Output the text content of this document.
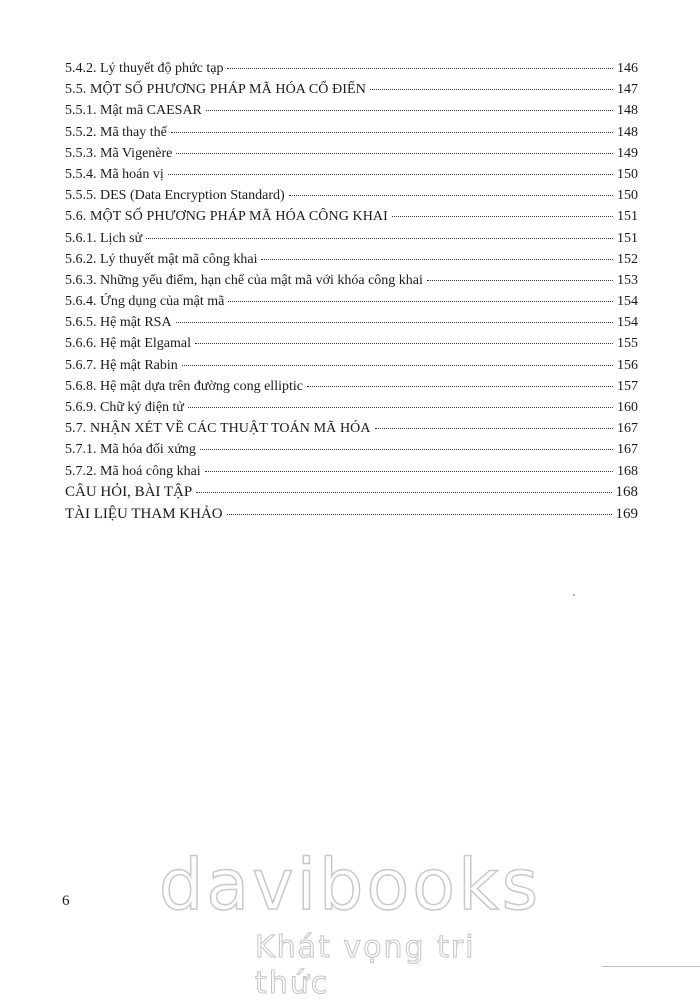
5.4.2. Lý thuyết độ phức tạp	146
5.5. MỘT SỐ PHƯƠNG PHÁP MÃ HÓA CỔ ĐIỂN	147
5.5.1. Mật mã CAESAR	148
5.5.2. Mã thay thế	148
5.5.3. Mã Vigenère	149
5.5.4. Mã hoán vị	150
5.5.5. DES (Data Encryption Standard)	150
5.6. MỘT SỐ PHƯƠNG PHÁP MÃ HÓA CÔNG KHAI	151
5.6.1. Lịch sử	151
5.6.2. Lý thuyết mật mã công khai	152
5.6.3. Những yếu điểm, hạn chế của mật mã với khóa công khai	153
5.6.4. Ứng dụng của mật mã	154
5.6.5. Hệ mật RSA	154
5.6.6. Hệ mật Elgamal	155
5.6.7. Hệ mật Rabin	156
5.6.8. Hệ mật dựa trên đường cong elliptic	157
5.6.9. Chữ ký điện tử	160
5.7. NHẬN XÉT VỀ CÁC THUẬT TOÁN MÃ HÓA	167
5.7.1. Mã hóa đối xứng	167
5.7.2. Mã hoá công khai	168
CÂU HỎI, BÀI TẬP	168
TÀI LIỆU THAM KHẢO	169
6 davibooks
Khát vọng tri thức
